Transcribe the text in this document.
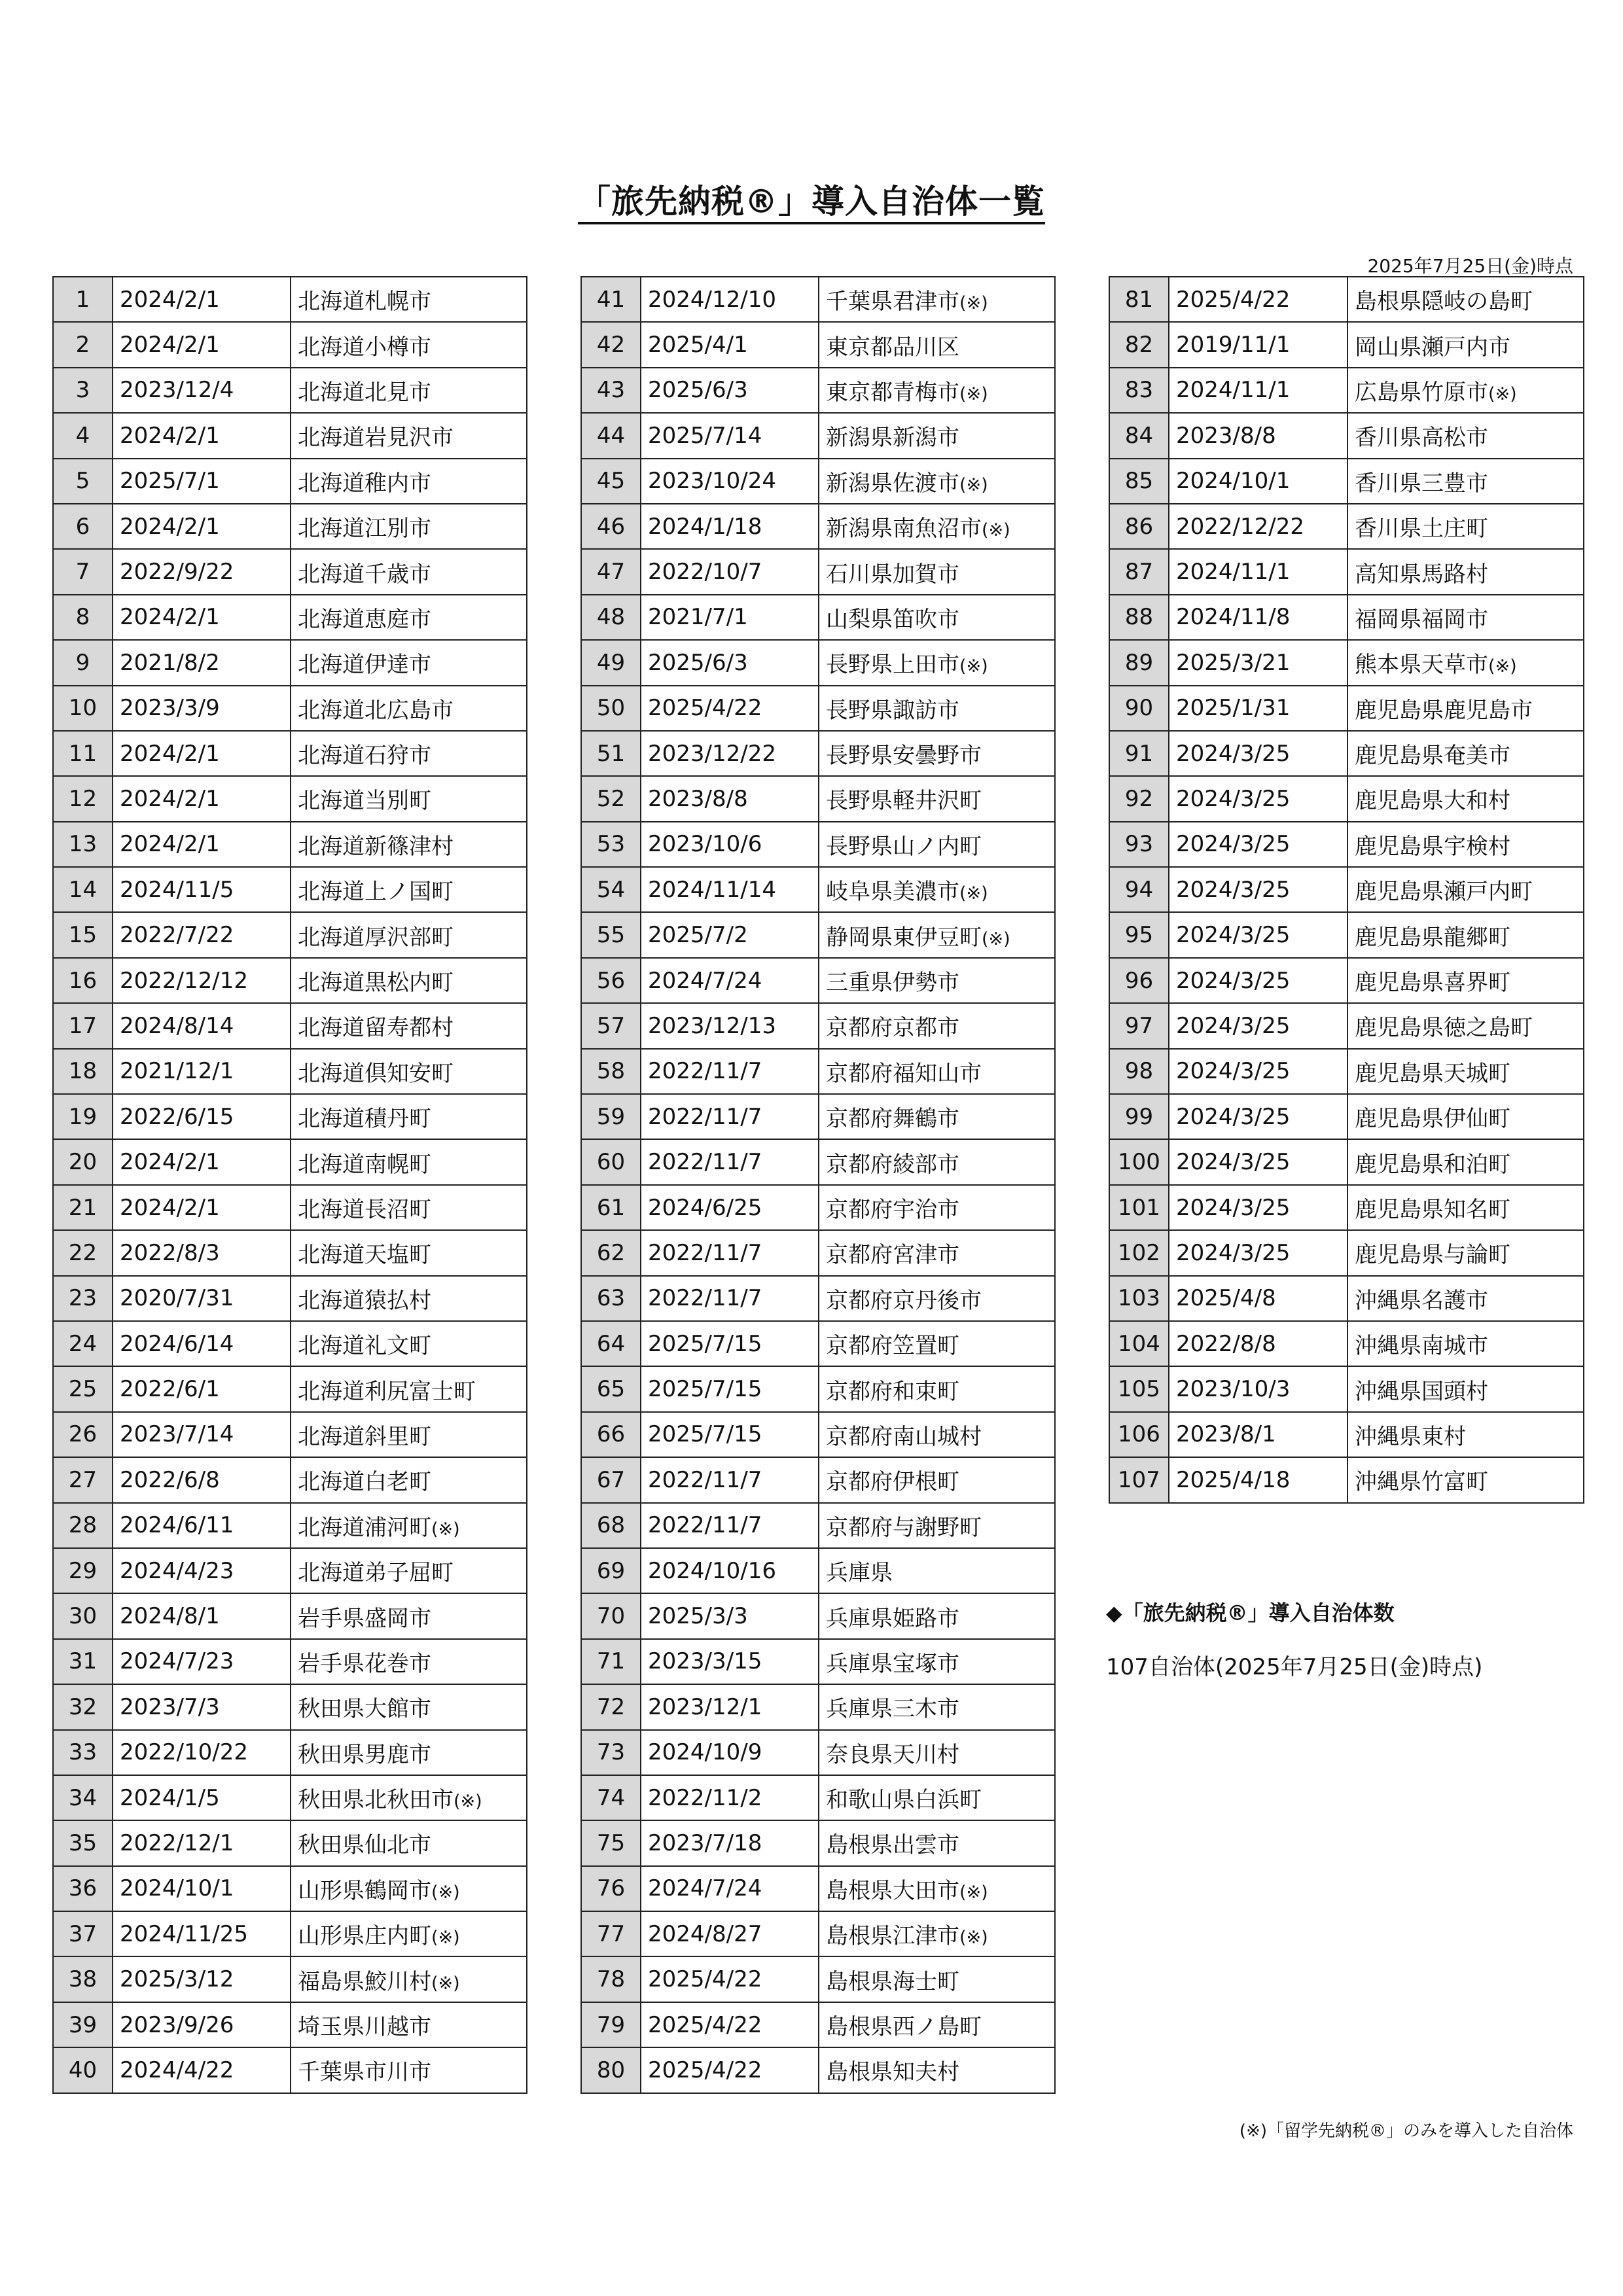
「旅先納税®」導入自治体一覧
2025年7月25日(金)時点
1	2024/2/1	北海道札幌市
2	2024/2/1	北海道小樽市
3	2023/12/4	北海道北見市
4	2024/2/1	北海道岩見沢市
5	2025/7/1	北海道稚内市
6	2024/2/1	北海道江別市
7	2022/9/22	北海道千歳市
8	2024/2/1	北海道恵庭市
9	2021/8/2	北海道伊達市
10	2023/3/9	北海道北広島市
11	2024/2/1	北海道石狩市
12	2024/2/1	北海道当別町
13	2024/2/1	北海道新篠津村
14	2024/11/5	北海道上ノ国町
15	2022/7/22	北海道厚沢部町
16	2022/12/12	北海道黒松内町
17	2024/8/14	北海道留寿都村
18	2021/12/1	北海道倶知安町
19	2022/6/15	北海道積丹町
20	2024/2/1	北海道南幌町
21	2024/2/1	北海道長沼町
22	2022/8/3	北海道天塩町
23	2020/7/31	北海道猿払村
24	2024/6/14	北海道礼文町
25	2022/6/1	北海道利尻富士町
26	2023/7/14	北海道斜里町
27	2022/6/8	北海道白老町
28	2024/6/11	北海道浦河町(※)
29	2024/4/23	北海道弟子屈町
30	2024/8/1	岩手県盛岡市
31	2024/7/23	岩手県花巻市
32	2023/7/3	秋田県大館市
33	2022/10/22	秋田県男鹿市
34	2024/1/5	秋田県北秋田市(※)
35	2022/12/1	秋田県仙北市
36	2024/10/1	山形県鶴岡市(※)
37	2024/11/25	山形県庄内町(※)
38	2025/3/12	福島県鮫川村(※)
39	2023/9/26	埼玉県川越市
40	2024/4/22	千葉県市川市
41	2024/12/10	千葉県君津市(※)
42	2025/4/1	東京都品川区
43	2025/6/3	東京都青梅市(※)
44	2025/7/14	新潟県新潟市
45	2023/10/24	新潟県佐渡市(※)
46	2024/1/18	新潟県南魚沼市(※)
47	2022/10/7	石川県加賀市
48	2021/7/1	山梨県笛吹市
49	2025/6/3	長野県上田市(※)
50	2025/4/22	長野県諏訪市
51	2023/12/22	長野県安曇野市
52	2023/8/8	長野県軽井沢町
53	2023/10/6	長野県山ノ内町
54	2024/11/14	岐阜県美濃市(※)
55	2025/7/2	静岡県東伊豆町(※)
56	2024/7/24	三重県伊勢市
57	2023/12/13	京都府京都市
58	2022/11/7	京都府福知山市
59	2022/11/7	京都府舞鶴市
60	2022/11/7	京都府綾部市
61	2024/6/25	京都府宇治市
62	2022/11/7	京都府宮津市
63	2022/11/7	京都府京丹後市
64	2025/7/15	京都府笠置町
65	2025/7/15	京都府和束町
66	2025/7/15	京都府南山城村
67	2022/11/7	京都府伊根町
68	2022/11/7	京都府与謝野町
69	2024/10/16	兵庫県
70	2025/3/3	兵庫県姫路市
71	2023/3/15	兵庫県宝塚市
72	2023/12/1	兵庫県三木市
73	2024/10/9	奈良県天川村
74	2022/11/2	和歌山県白浜町
75	2023/7/18	島根県出雲市
76	2024/7/24	島根県大田市(※)
77	2024/8/27	島根県江津市(※)
78	2025/4/22	島根県海士町
79	2025/4/22	島根県西ノ島町
80	2025/4/22	島根県知夫村
81	2025/4/22	島根県隠岐の島町
82	2019/11/1	岡山県瀬戸内市
83	2024/11/1	広島県竹原市(※)
84	2023/8/8	香川県高松市
85	2024/10/1	香川県三豊市
86	2022/12/22	香川県土庄町
87	2024/11/1	高知県馬路村
88	2024/11/8	福岡県福岡市
89	2025/3/21	熊本県天草市(※)
90	2025/1/31	鹿児島県鹿児島市
91	2024/3/25	鹿児島県奄美市
92	2024/3/25	鹿児島県大和村
93	2024/3/25	鹿児島県宇検村
94	2024/3/25	鹿児島県瀬戸内町
95	2024/3/25	鹿児島県龍郷町
96	2024/3/25	鹿児島県喜界町
97	2024/3/25	鹿児島県徳之島町
98	2024/3/25	鹿児島県天城町
99	2024/3/25	鹿児島県伊仙町
100	2024/3/25	鹿児島県和泊町
101	2024/3/25	鹿児島県知名町
102	2024/3/25	鹿児島県与論町
103	2025/4/8	沖縄県名護市
104	2022/8/8	沖縄県南城市
105	2023/10/3	沖縄県国頭村
106	2023/8/1	沖縄県東村
107	2025/4/18	沖縄県竹富町
◆「旅先納税®」導入自治体数
107自治体(2025年7月25日(金)時点)
(※)「留学先納税®」のみを導入した自治体
